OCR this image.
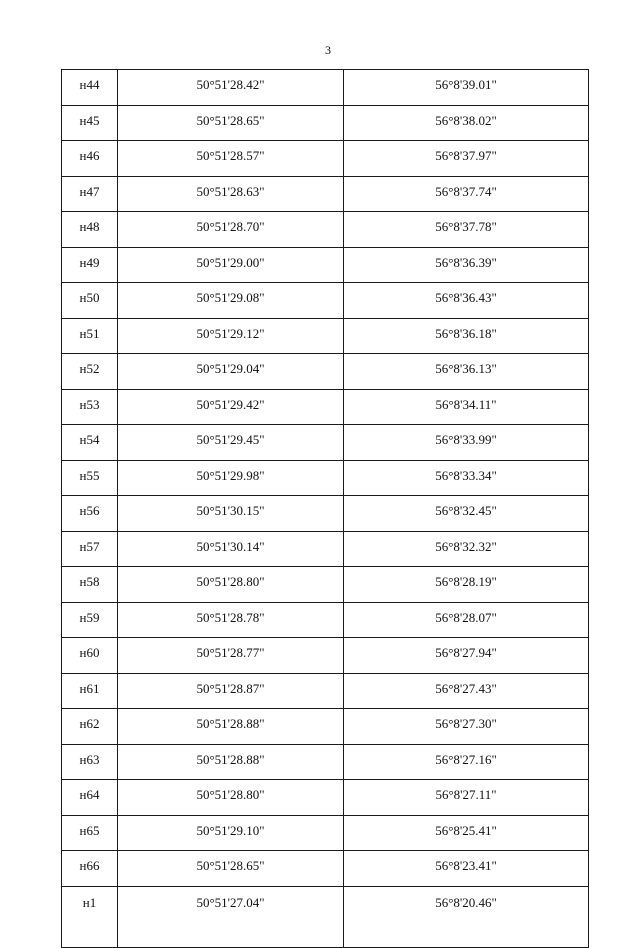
3
н44	50°51'28.42"	56°8'39.01"
н45	50°51'28.65"	56°8'38.02"
н46	50°51'28.57"	56°8'37.97"
н47	50°51'28.63"	56°8'37.74"
н48	50°51'28.70"	56°8'37.78"
н49	50°51'29.00"	56°8'36.39"
н50	50°51'29.08"	56°8'36.43"
н51	50°51'29.12"	56°8'36.18"
н52	50°51'29.04"	56°8'36.13"
н53	50°51'29.42"	56°8'34.11"
н54	50°51'29.45"	56°8'33.99"
н55	50°51'29.98"	56°8'33.34"
н56	50°51'30.15"	56°8'32.45"
н57	50°51'30.14"	56°8'32.32"
н58	50°51'28.80"	56°8'28.19"
н59	50°51'28.78"	56°8'28.07"
н60	50°51'28.77"	56°8'27.94"
н61	50°51'28.87"	56°8'27.43"
н62	50°51'28.88"	56°8'27.30"
н63	50°51'28.88"	56°8'27.16"
н64	50°51'28.80"	56°8'27.11"
н65	50°51'29.10"	56°8'25.41"
н66	50°51'28.65"	56°8'23.41"
н1	50°51'27.04"	56°8'20.46"
